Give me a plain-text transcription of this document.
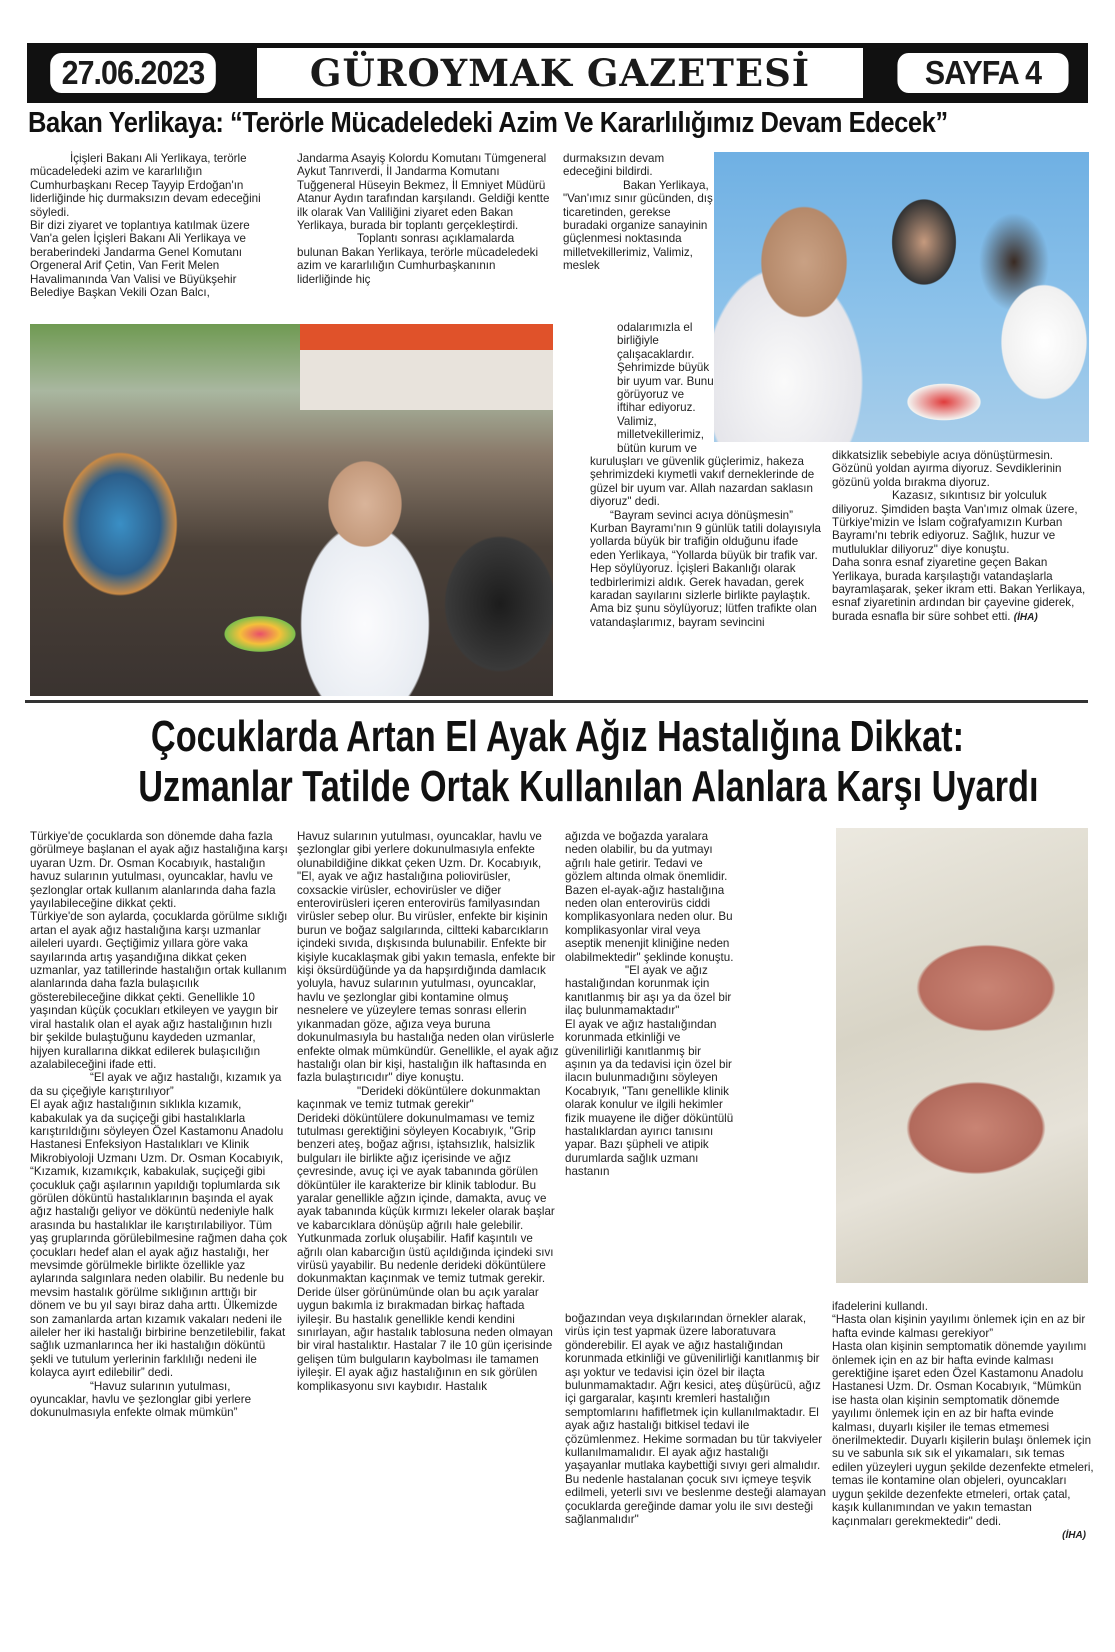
27.06.2023	GÜROYMAK GAZETESİ	SAYFA 4
Bakan Yerlikaya: “Terörle Mücadeledeki Azim Ve Kararlılığımız Devam Edecek”

İçişleri Bakanı Ali Yerlikaya, terörle mücadeledeki azim ve kararlılığın Cumhurbaşkanı Recep Tayyip Erdoğan'ın liderliğinde hiç durmaksızın devam edeceğini söyledi.

Bir dizi ziyaret ve toplantıya katılmak üzere Van'a gelen İçişleri Bakanı Ali Yerlikaya ve beraberindeki Jandarma Genel Komutanı Orgeneral Arif Çetin, Van Ferit Melen Havalimanında Van Valisi ve Büyükşehir Belediye Başkan Vekili Ozan Balcı,

Jandarma Asayiş Kolordu Komutanı Tümgeneral Aykut Tanrıverdi, İl Jandarma Komutanı Tuğgeneral Hüseyin Bekmez, İl Emniyet Müdürü Atanur Aydın tarafından karşılandı. Geldiği kentte ilk olarak Van Valiliğini ziyaret eden Bakan Yerlikaya, burada bir toplantı gerçekleştirdi.

Toplantı sonrası açıklamalarda bulunan Bakan Yerlikaya, terörle mücadeledeki azim ve kararlılığın Cumhurbaşkanının liderliğinde hiç

durmaksızın devam edeceğini bildirdi.

Bakan Yerlikaya, "Van'ımız sınır gücünden, dış ticaretinden, gerekse buradaki organize sanayinin güçlenmesi noktasında milletvekillerimiz, Valimiz, meslek

odalarımızla el birliğiyle çalışacaklardır. Şehrimizde büyük bir uyum var. Bunu görüyoruz ve iftihar ediyoruz. Valimiz, milletvekillerimiz, bütün kurum ve

kuruluşları ve güvenlik güçlerimiz, hakeza şehrimizdeki kıymetli vakıf derneklerinde de güzel bir uyum var. Allah nazardan saklasın diyoruz" dedi.

“Bayram sevinci acıya dönüşmesin”

Kurban Bayramı'nın 9 günlük tatili dolayısıyla yollarda büyük bir trafiğin olduğunu ifade eden Yerlikaya, “Yollarda büyük bir trafik var. Hep söylüyoruz. İçişleri Bakanlığı olarak tedbirlerimizi aldık. Gerek havadan, gerek karadan sayılarını sizlerle birlikte paylaştık. Ama biz şunu söylüyoruz; lütfen trafikte olan vatandaşlarımız, bayram sevincini

dikkatsizlik sebebiyle acıya dönüştürmesin. Gözünü yoldan ayırma diyoruz. Sevdiklerinin gözünü yolda bırakma diyoruz.

Kazasız, sıkıntısız bir yolculuk diliyoruz. Şimdiden başta Van'ımız olmak üzere, Türkiye'mizin ve İslam coğrafyamızın Kurban Bayramı'nı tebrik ediyoruz. Sağlık, huzur ve mutluluklar diliyoruz" diye konuştu.

Daha sonra esnaf ziyaretine geçen Bakan Yerlikaya, burada karşılaştığı vatandaşlarla bayramlaşarak, şeker ikram etti. Bakan Yerlikaya, esnaf ziyaretinin ardından bir çayevine giderek, burada esnafla bir süre sohbet etti. (İHA)

Çocuklarda Artan El Ayak Ağız Hastalığına Dikkat:
Uzmanlar Tatilde Ortak Kullanılan Alanlara Karşı Uyardı

Türkiye'de çocuklarda son dönemde daha fazla görülmeye başlanan el ayak ağız hastalığına karşı uyaran Uzm. Dr. Osman Kocabıyık, hastalığın havuz sularının yutulması, oyuncaklar, havlu ve şezlonglar ortak kullanım alanlarında daha fazla yayılabileceğine dikkat çekti.

Türkiye'de son aylarda, çocuklarda görülme sıklığı artan el ayak ağız hastalığına karşı uzmanlar aileleri uyardı. Geçtiğimiz yıllara göre vaka sayılarında artış yaşandığına dikkat çeken uzmanlar, yaz tatillerinde hastalığın ortak kullanım alanlarında daha fazla bulaşıcılık gösterebileceğine dikkat çekti. Genellikle 10 yaşından küçük çocukları etkileyen ve yaygın bir viral hastalık olan el ayak ağız hastalığının hızlı bir şekilde bulaştuğunu kaydeden uzmanlar, hijyen kurallarına dikkat edilerek bulaşıcılığın azalabileceğini ifade etti.

“El ayak ve ağız hastalığı, kızamık ya da su çiçeğiyle karıştırılıyor”

El ayak ağız hastalığının sıklıkla kızamık, kabakulak ya da suçiçeği gibi hastalıklarla karıştırıldığını söyleyen Özel Kastamonu Anadolu Hastanesi Enfeksiyon Hastalıkları ve Klinik Mikrobiyoloji Uzmanı Uzm. Dr. Osman Kocabıyık, “Kızamık, kızamıkçık, kabakulak, suçiçeği gibi çocukluk çağı aşılarının yapıldığı toplumlarda sık görülen döküntü hastalıklarının başında el ayak ağız hastalığı geliyor ve döküntü nedeniyle halk arasında bu hastalıklar ile karıştırılabiliyor. Tüm yaş gruplarında görülebilmesine rağmen daha çok çocukları hedef alan el ayak ağız hastalığı, her mevsimde görülmekle birlikte özellikle yaz aylarında salgınlara neden olabilir. Bu nedenle bu mevsim hastalık görülme sıklığının arttığı bir dönem ve bu yıl sayı biraz daha arttı. Ülkemizde son zamanlarda artan kızamık vakaları nedeni ile aileler her iki hastalığı birbirine benzetilebilir, fakat sağlık uzmanlarınca her iki hastalığın döküntü şekli ve tutulum yerlerinin farklılığı nedeni ile kolayca ayırt edilebilir” dedi.

“Havuz sularının yutulması, oyuncaklar, havlu ve şezlonglar gibi yerlere dokunulmasıyla enfekte olmak mümkün”

Havuz sularının yutulması, oyuncaklar, havlu ve şezlonglar gibi yerlere dokunulmasıyla enfekte olunabildiğine dikkat çeken Uzm. Dr. Kocabıyık, "El, ayak ve ağız hastalığına poliovirüsler, coxsackie virüsler, echovirüsler ve diğer enterovirüsleri içeren enterovirüs familyasından virüsler sebep olur. Bu virüsler, enfekte bir kişinin burun ve boğaz salgılarında, ciltteki kabarcıkların içindeki sıvıda, dışkısında bulunabilir. Enfekte bir kişiyle kucaklaşmak gibi yakın temasla, enfekte bir kişi öksürdüğünde ya da hapşırdığında damlacık yoluyla, havuz sularının yutulması, oyuncaklar, havlu ve şezlonglar gibi kontamine olmuş nesnelere ve yüzeylere temas sonrası ellerin yıkanmadan göze, ağıza veya buruna dokunulmasıyla bu hastalığa neden olan virüslerle enfekte olmak mümkündür. Genellikle, el ayak ağız hastalığı olan bir kişi, hastalığın ilk haftasında en fazla bulaştırıcıdır" diye konuştu.

"Derideki döküntülere dokunmaktan kaçınmak ve temiz tutmak gerekir"

Derideki döküntülere dokunulmaması ve temiz tutulması gerektiğini söyleyen Kocabıyık, "Grip benzeri ateş, boğaz ağrısı, iştahsızlık, halsizlik bulguları ile birlikte ağız içerisinde ve ağız çevresinde, avuç içi ve ayak tabanında görülen döküntüler ile karakterize bir klinik tablodur. Bu yaralar genellikle ağzın içinde, damakta, avuç ve ayak tabanında küçük kırmızı lekeler olarak başlar ve kabarcıklara dönüşüp ağrılı hale gelebilir. Yutkunmada zorluk oluşabilir. Hafif kaşıntılı ve ağrılı olan kabarcığın üstü açıldığında içindeki sıvı virüsü yayabilir. Bu nedenle derideki döküntülere dokunmaktan kaçınmak ve temiz tutmak gerekir. Deride ülser görünümünde olan bu açık yaralar uygun bakımla iz bırakmadan birkaç haftada iyileşir. Bu hastalık genellikle kendi kendini sınırlayan, ağır hastalık tablosuna neden olmayan bir viral hastalıktır. Hastalar 7 ile 10 gün içerisinde gelişen tüm bulguların kaybolması ile tamamen iyileşir. El ayak ağız hastalığının en sık görülen komplikasyonu sıvı kaybıdır. Hastalık

ağızda ve boğazda yaralara neden olabilir, bu da yutmayı ağrılı hale getirir. Tedavi ve gözlem altında olmak önemlidir. Bazen el-ayak-ağız hastalığına neden olan enterovirüs ciddi komplikasyonlara neden olur. Bu komplikasyonlar viral veya aseptik menenjit kliniğine neden olabilmektedir" şeklinde konuştu.

"El ayak ve ağız hastalığından korunmak için kanıtlanmış bir aşı ya da özel bir ilaç bulunmamaktadır"

El ayak ve ağız hastalığından korunmada etkinliği ve güvenilirliği kanıtlanmış bir aşının ya da tedavisi için özel bir ilacın bulunmadığını söyleyen Kocabıyık, "Tanı genellikle klinik olarak konulur ve ilgili hekimler fizik muayene ile diğer döküntülü hastalıklardan ayırıcı tanısını yapar. Bazı şüpheli ve atipik durumlarda sağlık uzmanı hastanın

boğazından veya dışkılarından örnekler alarak, virüs için test yapmak üzere laboratuvara gönderebilir. El ayak ve ağız hastalığından korunmada etkinliği ve güvenilirliği kanıtlanmış bir aşı yoktur ve tedavisi için özel bir ilaçta bulunmamaktadır. Ağrı kesici, ateş düşürücü, ağız içi gargaralar, kaşıntı kremleri hastalığın semptomlarını hafifletmek için kullanılmaktadır. El ayak ağız hastalığı bitkisel tedavi ile çözümlenmez. Hekime sormadan bu tür takviyeler kullanılmamalıdır. El ayak ağız hastalığı yaşayanlar mutlaka kaybettiği sıvıyı geri almalıdır. Bu nedenle hastalanan çocuk sıvı içmeye teşvik edilmeli, yeterli sıvı ve beslenme desteği alamayan çocuklarda gereğinde damar yolu ile sıvı desteği sağlanmalıdır"

ifadelerini kullandı.

“Hasta olan kişinin yayılımı önlemek için en az bir hafta evinde kalması gerekiyor”

Hasta olan kişinin semptomatik dönemde yayılımı önlemek için en az bir hafta evinde kalması gerektiğine işaret eden Özel Kastamonu Anadolu Hastanesi Uzm. Dr. Osman Kocabıyık, “Mümkün ise hasta olan kişinin semptomatik dönemde yayılımı önlemek için en az bir hafta evinde kalması, duyarlı kişiler ile temas etmemesi önerilmektedir. Duyarlı kişilerin bulaşı önlemek için su ve sabunla sık sık el yıkamaları, sık temas edilen yüzeyleri uygun şekilde dezenfekte etmeleri, temas ile kontamine olan objeleri, oyuncakları uygun şekilde dezenfekte etmeleri, ortak çatal, kaşık kullanımından ve yakın temastan kaçınmaları gerekmektedir" dedi.

(İHA)
